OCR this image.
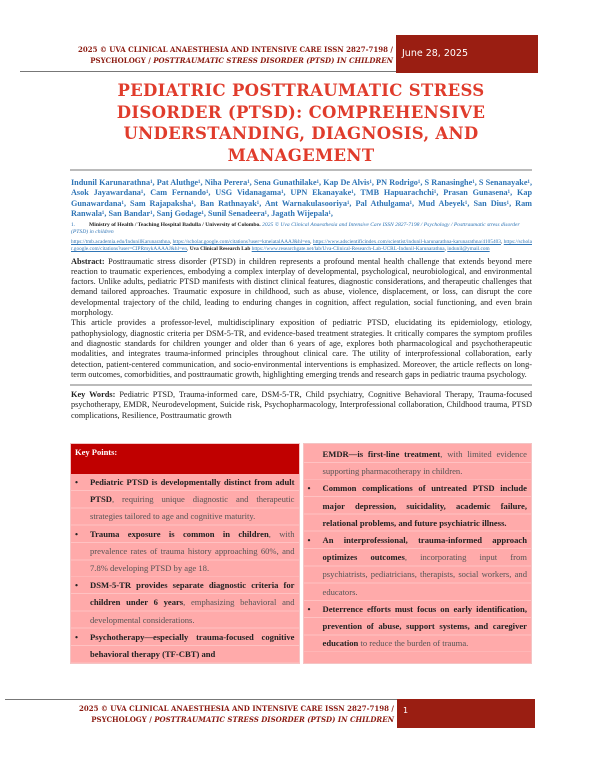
2025 © UVA CLINICAL ANAESTHESIA AND INTENSIVE CARE ISSN 2827-7198 /
PSYCHOLOGY / POSTTRAUMATIC STRESS DISORDER (PTSD) IN CHILDREN
June 28, 2025
PEDIATRIC POSTTRAUMATIC STRESS DISORDER (PTSD): COMPREHENSIVE UNDERSTANDING, DIAGNOSIS, AND MANAGEMENT
Indunil Karunarathna¹, Pat Aluthge¹, Niha Perera¹, Sena Gunathilake¹, Kap De Alvis¹, PN Rodrigo¹, S Ranasinghe¹, S Senanayake¹, Asok Jayawardana¹, Cam Fernando¹, USG Vidanagama¹, UPN Ekanayake¹, TMB Hapuarachchi¹, Prasan Gunasena¹, Kap Gunawardana¹, Sam Rajapaksha¹, Ban Rathnayak¹, Ant Warnakulasooriya¹, Pal Athulgama¹, Mud Abeyek¹, San Dius¹, Ram Ranwala¹, San Bandar¹, Sanj Godage¹, Sunil Senadeera¹, Jagath Wijepala¹,
1. Ministry of Health / Teaching Hospital Badulla / University of Colombo. 2025 © Uva Clinical Anaesthesia and Intensive Care ISSN 2827-7198 / Psychology / Posttraumatic stress disorder (PTSD) in children
https://tmb.academia.edu/IndunilKarunarathna, https://scholar.google.com/citations?user=kmeiatalAAAJ&hl=en, https://www.adscientificindex.com/scientist/indunil-karunarathna-karunarathna/4105403, https://scholar.google.com/citations?user=CIPRmykAAAAJ&hl=en, Uva Clinical Research Lab https://www.researchgate.net/lab/Uva-Clinical-Research-Lab-UCRL-Indunil-Karunarathna, indunil@ymail.com

Abstract: Posttraumatic stress disorder (PTSD) in children represents a profound mental health challenge that extends beyond mere reaction to traumatic experiences, embodying a complex interplay of developmental, psychological, neurobiological, and environmental factors. Unlike adults, pediatric PTSD manifests with distinct clinical features, diagnostic considerations, and therapeutic challenges that demand tailored approaches. Traumatic exposure in childhood, such as abuse, violence, displacement, or loss, can disrupt the core developmental trajectory of the child, leading to enduring changes in cognition, affect regulation, social functioning, and even brain morphology.

This article provides a professor-level, multidisciplinary exposition of pediatric PTSD, elucidating its epidemiology, etiology, pathophysiology, diagnostic criteria per DSM-5-TR, and evidence-based treatment strategies. It critically compares the symptom profiles and diagnostic standards for children younger and older than 6 years of age, explores both pharmacological and psychotherapeutic modalities, and integrates trauma-informed principles throughout clinical care. The utility of interprofessional collaboration, early detection, patient-centered communication, and socio-environmental interventions is emphasized. Moreover, the article reflects on long-term outcomes, comorbidities, and posttraumatic growth, highlighting emerging trends and research gaps in pediatric trauma psychology.

Key Words: Pediatric PTSD, Trauma-informed care, DSM-5-TR, Child psychiatry, Cognitive Behavioral Therapy, Trauma-focused psychotherapy, EMDR, Neurodevelopment, Suicide risk, Psychopharmacology, Interprofessional collaboration, Childhood trauma, PTSD complications, Resilience, Posttraumatic growth
Key Points:
• Pediatric PTSD is developmentally distinct from adult PTSD, requiring unique diagnostic and therapeutic strategies tailored to age and cognitive maturity.
• Trauma exposure is common in children, with prevalence rates of trauma history approaching 60%, and 7.8% developing PTSD by age 18.
• DSM-5-TR provides separate diagnostic criteria for children under 6 years, emphasizing behavioral and developmental considerations.
• Psychotherapy—especially trauma-focused cognitive behavioral therapy (TF-CBT) and
EMDR—is first-line treatment, with limited evidence supporting pharmacotherapy in children.
• Common complications of untreated PTSD include major depression, suicidality, academic failure, relational problems, and future psychiatric illness.
• An interprofessional, trauma-informed approach optimizes outcomes, incorporating input from psychiatrists, pediatricians, therapists, social workers, and educators.
• Deterrence efforts must focus on early identification, prevention of abuse, support systems, and caregiver education to reduce the burden of trauma.
2025 © UVA CLINICAL ANAESTHESIA AND INTENSIVE CARE ISSN 2827-7198 /
PSYCHOLOGY / POSTTRAUMATIC STRESS DISORDER (PTSD) IN CHILDREN
1
